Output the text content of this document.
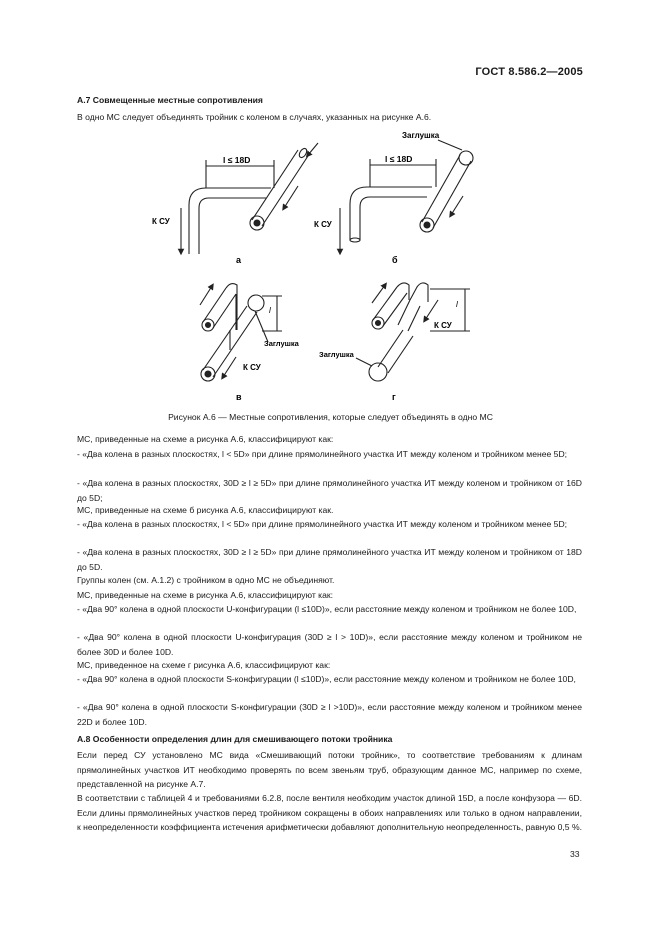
ГОСТ 8.586.2—2005
А.7 Совмещенные местные сопротивления
В одно МС следует объединять тройник с коленом в случаях, указанных на рисунке А.6.
l ≤ 18D
К СУ
а
l ≤ 18D
Заглушка
К СУ
б
l
Заглушка
К СУ
в
l
К СУ
Заглушка
г
Рисунок А.6 — Местные сопротивления, которые следует объединять в одно МС
МС, приведенные на схеме а рисунка А.6, классифицируют как:
- «Два колена в разных плоскостях, l < 5D» при длине прямолинейного участка ИТ между коленом и тройником менее 5D;
- «Два колена в разных плоскостях, 30D ≥ l ≥ 5D» при длине прямолинейного участка ИТ между коленом и тройником от 16D до 5D;
МС, приведенные на схеме б рисунка А.6, классифицируют как.
- «Два колена в разных плоскостях, l < 5D» при длине прямолинейного участка ИТ между коленом и тройником менее 5D;
- «Два колена в разных плоскостях, 30D ≥ l ≥ 5D» при длине прямолинейного участка ИТ между коленом и тройником от 18D до 5D.
Группы колен (см. А.1.2) с тройником в одно МС не объединяют.
МС, приведенные на схеме в рисунка А.6, классифицируют как:
- «Два 90° колена в одной плоскости U-конфигурации (l ≤10D)», если расстояние между коленом и тройником не более 10D,
- «Два 90° колена в одной плоскости U-конфигурация (30D ≥ l > 10D)», если расстояние между коленом и тройником не более 30D и более 10D.
МС, приведенное на схеме г рисунка А.6, классифицируют как:
- «Два 90° колена в одной плоскости S-конфигурации (l ≤10D)», если расстояние между коленом и тройником не более 10D,
- «Два 90° колена в одной плоскости S-конфигурации (30D ≥ l >10D)», если расстояние между коленом и тройником менее 22D и более 10D.
А.8 Особенности определения длин для смешивающего потоки тройника
Если перед СУ установлено МС вида «Смешивающий потоки тройник», то соответствие требованиям к длинам прямолинейных участков ИТ необходимо проверять по всем звеньям труб, образующим данное МС, например по схеме, представленной на рисунке А.7.
В соответствии с таблицей 4 и требованиями 6.2.8, после вентиля необходим участок длиной 15D, а после конфузора — 6D. Если длины прямолинейных участков перед тройником сокращены в обоих направлениях или только в одном направлении, к неопределенности коэффициента истечения арифметически добавляют дополнительную неопределенность, равную 0,5 %.
33
